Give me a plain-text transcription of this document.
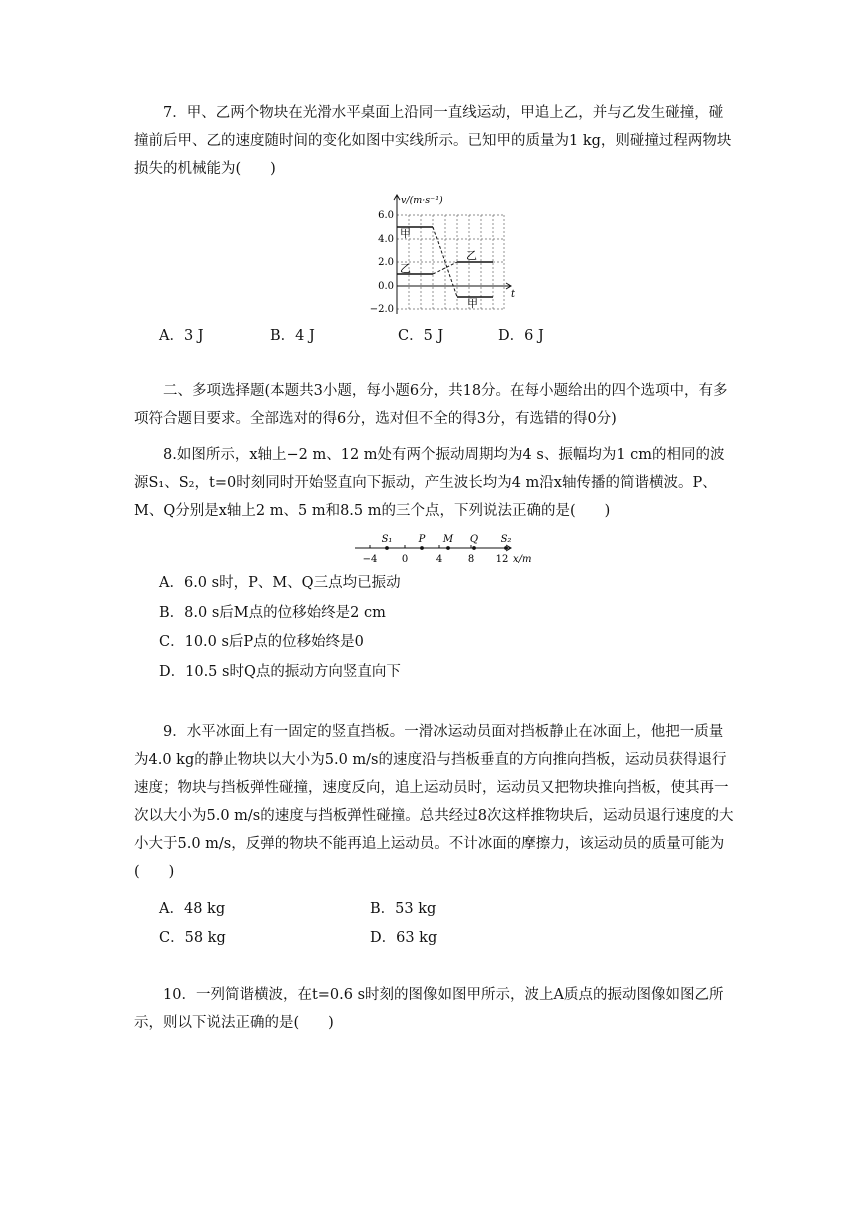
7．甲、乙两个物块在光滑水平桌面上沿同一直线运动，甲追上乙，并与乙发生碰撞，碰撞前后甲、乙的速度随时间的变化如图中实线所示。已知甲的质量为1 kg，则碰撞过程两物块损失的机械能为(　　)

v/(m·s⁻¹)
t
6.0
4.0
2.0
0.0
−2.0
甲
乙
乙
甲
A．3 J	B．4 J	C．5 J	D．6 J

二、多项选择题(本题共3小题，每小题6分，共18分。在每小题给出的四个选项中，有多项符合题目要求。全部选对的得6分，选对但不全的得3分，有选错的得0分)

8.如图所示，x轴上−2 m、12 m处有两个振动周期均为4 s、振幅均为1 cm的相同的波源S₁、S₂，t=0时刻同时开始竖直向下振动，产生波长均为4 m沿x轴传播的简谐横波。P、M、Q分别是x轴上2 m、5 m和8.5 m的三个点，下列说法正确的是(　　)

S₁	P M Q S₂
−4 0	4	8 12 x/m
A．6.0 s时，P、M、Q三点均已振动
B．8.0 s后M点的位移始终是2 cm
C．10.0 s后P点的位移始终是0
D．10.5 s时Q点的振动方向竖直向下

9．水平冰面上有一固定的竖直挡板。一滑冰运动员面对挡板静止在冰面上，他把一质量为4.0 kg的静止物块以大小为5.0 m/s的速度沿与挡板垂直的方向推向挡板，运动员获得退行速度；物块与挡板弹性碰撞，速度反向，追上运动员时，运动员又把物块推向挡板，使其再一次以大小为5.0 m/s的速度与挡板弹性碰撞。总共经过8次这样推物块后，运动员退行速度的大小大于5.0 m/s，反弹的物块不能再追上运动员。不计冰面的摩擦力，该运动员的质量可能为(　　)

A．48 kg	B．53 kg
C．58 kg	D．63 kg

10．一列简谐横波，在t=0.6 s时刻的图像如图甲所示，波上A质点的振动图像如图乙所示，则以下说法正确的是(　　)
